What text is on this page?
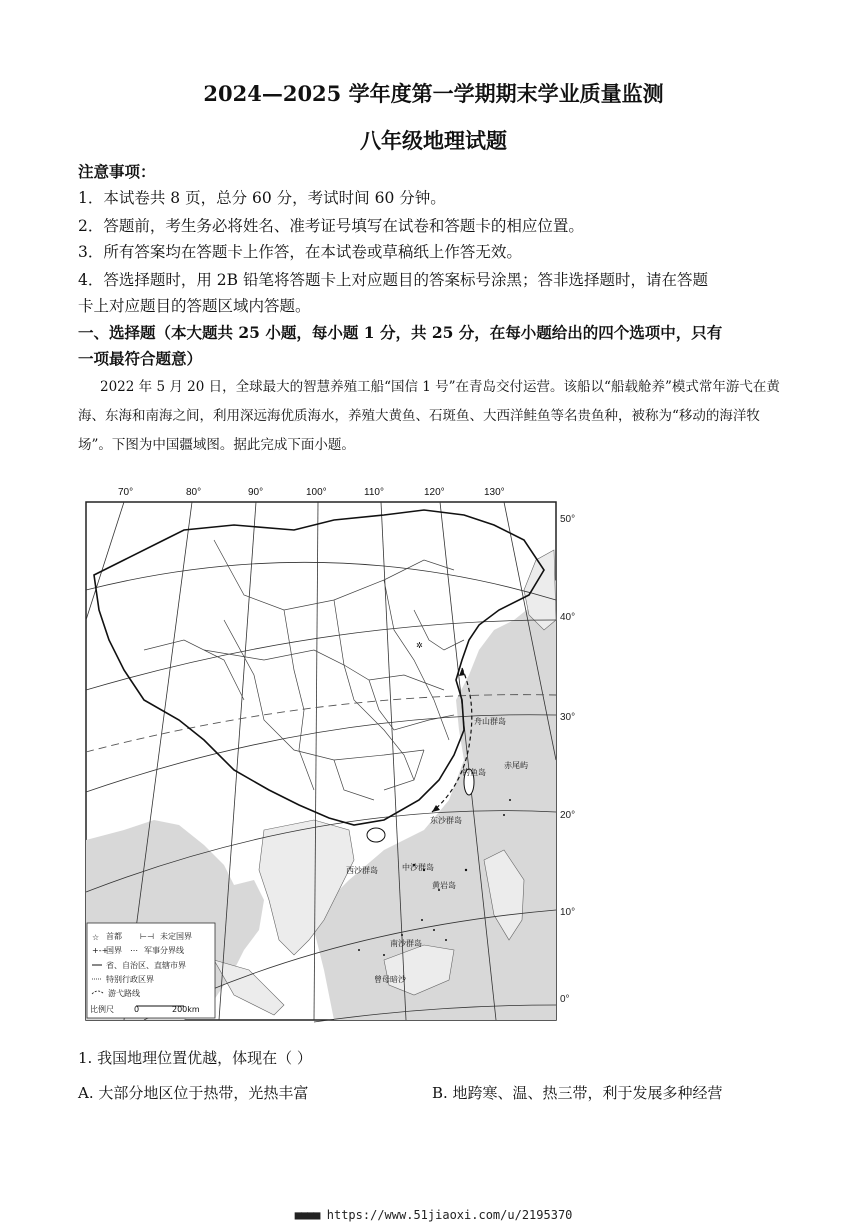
2024—2025 学年度第一学期期末学业质量监测
八年级地理试题
注意事项：
1．本试卷共 8 页，总分 60 分，考试时间 60 分钟。
2．答题前，考生务必将姓名、准考证号填写在试卷和答题卡的相应位置。
3．所有答案均在答题卡上作答，在本试卷或草稿纸上作答无效。
4．答选择题时，用 2B 铅笔将答题卡上对应题目的答案标号涂黑；答非选择题时，请在答题
卡上对应题目的答题区域内答题。
一、选择题（本大题共 25 小题，每小题 1 分，共 25 分，在每小题给出的四个选项中，只有
一项最符合题意）
2022 年 5 月 20 日，全球最大的智慧养殖工船“国信 1 号”在青岛交付运营。该船以“船载舱养”模式常年游弋在黄海、东海和南海之间，利用深远海优质海水，养殖大黄鱼、石斑鱼、大西洋鲑鱼等名贵鱼种，被称为“移动的海洋牧场”。下图为中国疆域图。据此完成下面小题。
✲
50°
40°
30°
20°
10°
0°
舟山群岛
钓鱼岛
赤尾屿
东沙群岛
西沙群岛	中沙群岛
黄岩岛
南沙群岛
曾母暗沙
☆ 首都 ⊢⊣ 未定国界
+-+
国界 ⋯ 军事分界线
省、自治区、直辖市界
特别行政区界
游弋路线
比例尺	0	200km
70°	80°	90°	100°	110°	120°	130°
1. 我国地理位置优越，体现在（ ）
A. 大部分地区位于热带，光热丰富	B. 地跨寒、温、热三带，利于发展多种经营
■■■■ https://www.51jiaoxi.com/u/2195370
